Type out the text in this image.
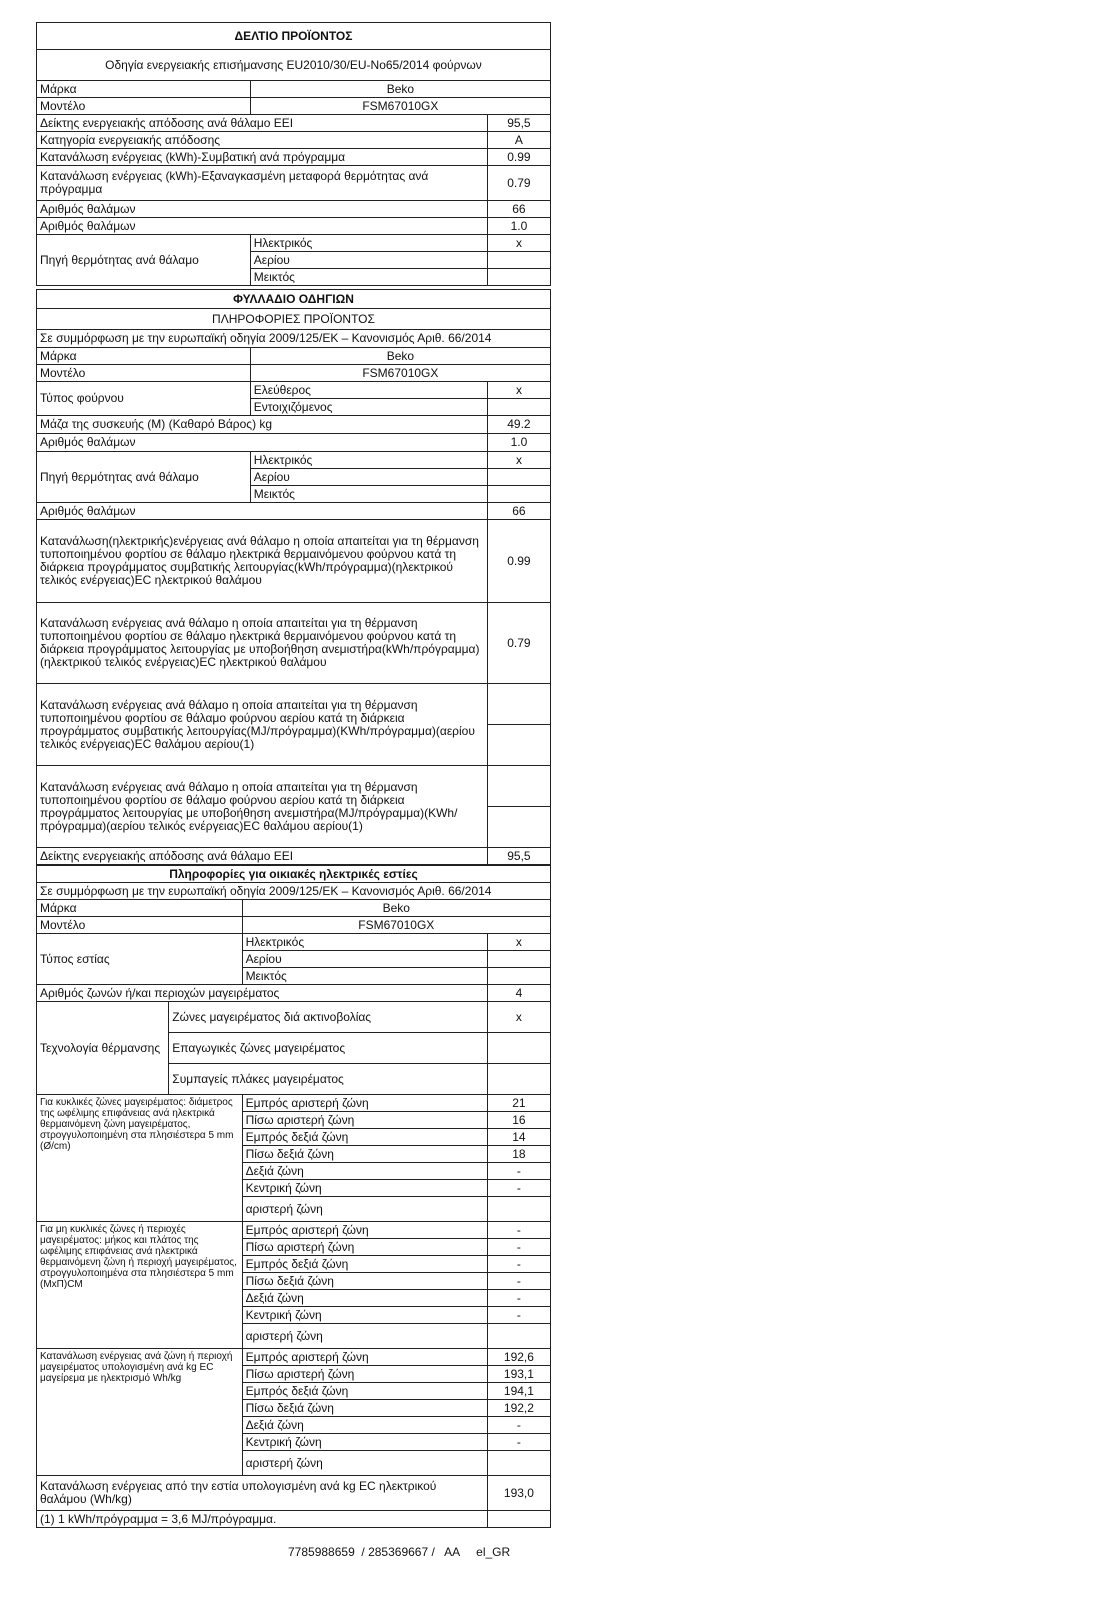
ΔΕΛΤΙΟ ΠΡΟΪΟΝΤΟΣ		
Οδηγία ενεργειακής επισήμανσης EU2010/30/EU-No65/2014 φούρνων		
Μάρκα	Beko	
Μοντέλο	FSM67010GX	
Δείκτης ενεργειακής απόδοσης ανά θάλαμο EEI		95,5
Κατηγορία ενεργειακής απόδοσης		A
Κατανάλωση ενέργειας (kWh)-Συμβατική ανά πρόγραμμα		0.99
Κατανάλωση ενέργειας (kWh)-Εξαναγκασμένη μεταφορά θερμότητας ανά πρόγραμμα		0.79
Αριθμός θαλάμων		66
Αριθμός θαλάμων		1.0
Πηγή θερμότητας ανά θάλαμο	Ηλεκτρικός	x
	Αερίου	
	Μεικτός	
ΦΥΛΛΑΔΙΟ ΟΔΗΓΙΩΝ		
ΠΛΗΡΟΦΟΡΙΕΣ ΠΡΟΪΟΝΤΟΣ		
Σε συμμόρφωση με την ευρωπαϊκή οδηγία 2009/125/ΕΚ – Κανονισμός Αριθ. 66/2014		
Μάρκα	Beko	
Μοντέλο	FSM67010GX	
Τύπος φούρνου	Ελεύθερος	x
	Εντοιχιζόμενος	
Μάζα της συσκευής (M) (Καθαρό Βάρος) kg		49.2
Αριθμός θαλάμων		1.0
Πηγή θερμότητας ανά θάλαμο	Ηλεκτρικός	x
	Αερίου	
	Μεικτός	
Αριθμός θαλάμων		66
Κατανάλωση(ηλεκτρικής)ενέργειας ανά θάλαμο η οποία απαιτείται για τη θέρμανση τυποποιημένου φορτίου σε θάλαμο ηλεκτρικά θερμαινόμενου φούρνου κατά τη διάρκεια προγράμματος συμβατικής λειτουργίας(kWh/πρόγραμμα)(ηλεκτρικού τελικός ενέργειας)EC ηλεκτρικού θαλάμου		0.99
Κατανάλωση ενέργειας ανά θάλαμο η οποία απαιτείται για τη θέρμανση τυποποιημένου φορτίου σε θάλαμο ηλεκτρικά θερμαινόμενου φούρνου κατά τη διάρκεια προγράμματος λειτουργίας με υποβοήθηση ανεμιστήρα(kWh/πρόγραμμα)(ηλεκτρικού τελικός ενέργειας)EC ηλεκτρικού θαλάμου		0.79
Κατανάλωση ενέργειας ανά θάλαμο η οποία απαιτείται για τη θέρμανση τυποποιημένου φορτίου σε θάλαμο φούρνου αερίου κατά τη διάρκεια προγράμματος συμβατικής λειτουργίας(MJ/πρόγραμμα)(KWh/πρόγραμμα)(αερίου τελικός ενέργειας)EC θαλάμου αερίου(1)		

Κατανάλωση ενέργειας ανά θάλαμο η οποία απαιτείται για τη θέρμανση τυποποιημένου φορτίου σε θάλαμο φούρνου αερίου κατά τη διάρκεια προγράμματος λειτουργίας με υποβοήθηση ανεμιστήρα(MJ/πρόγραμμα)(KWh/πρόγραμμα)(αερίου τελικός ενέργειας)EC θαλάμου αερίου(1)		

Δείκτης ενεργειακής απόδοσης ανά θάλαμο EEI		95,5
Πληροφορίες για οικιακές ηλεκτρικές εστίες			
Σε συμμόρφωση με την ευρωπαϊκή οδηγία 2009/125/ΕΚ – Κανονισμός Αριθ. 66/2014			
Μάρκα		Beko	
Μοντέλο		FSM67010GX	
Τύπος εστίας		Ηλεκτρικός	x
		Αερίου	
		Μεικτός	
Αριθμός ζωνών ή/και περιοχών μαγειρέματος			4
Τεχνολογία θέρμανσης	Ζώνες μαγειρέματος διά ακτινοβολίας		x
	Επαγωγικές ζώνες μαγειρέματος		
	Συμπαγείς πλάκες μαγειρέματος		
Για κυκλικές ζώνες μαγειρέματος: διάμετρος της ωφέλιμης επιφάνειας ανά ηλεκτρικά θερμαινόμενη ζώνη μαγειρέματος, στρογγυλοποιημένη στα πλησιέστερα 5 mm (Ø/cm)		Εμπρός αριστερή ζώνη	21
		Πίσω αριστερή ζώνη	16
		Εμπρός δεξιά ζώνη	14
		Πίσω δεξιά ζώνη	18
		Δεξιά ζώνη	-
		Κεντρική ζώνη	-
		αριστερή ζώνη	
Για μη κυκλικές ζώνες ή περιοχές μαγειρέματος: μήκος και πλάτος της ωφέλιμης επιφάνειας ανά ηλεκτρικά θερμαινόμενη ζώνη ή περιοχή μαγειρέματος, στρογγυλοποιημένα στα πλησιέστερα 5 mm (ΜxΠ)CM		Εμπρός αριστερή ζώνη	-
		Πίσω αριστερή ζώνη	-
		Εμπρός δεξιά ζώνη	-
		Πίσω δεξιά ζώνη	-
		Δεξιά ζώνη	-
		Κεντρική ζώνη	-
		αριστερή ζώνη	
Κατανάλωση ενέργειας ανά ζώνη ή περιοχή μαγειρέματος υπολογισμένη ανά kg EC μαγείρεμα με ηλεκτρισμό Wh/kg		Εμπρός αριστερή ζώνη	192,6
		Πίσω αριστερή ζώνη	193,1
		Εμπρός δεξιά ζώνη	194,1
		Πίσω δεξιά ζώνη	192,2
		Δεξιά ζώνη	-
		Κεντρική ζώνη	-
		αριστερή ζώνη	
Κατανάλωση ενέργειας από την εστία υπολογισμένη ανά kg EC ηλεκτρικού θαλάμου (Wh/kg)			193,0
(1) 1 kWh/πρόγραμμα = 3,6 MJ/πρόγραμμα.			
7785988659  / 285369667 /   AA     el_GR
